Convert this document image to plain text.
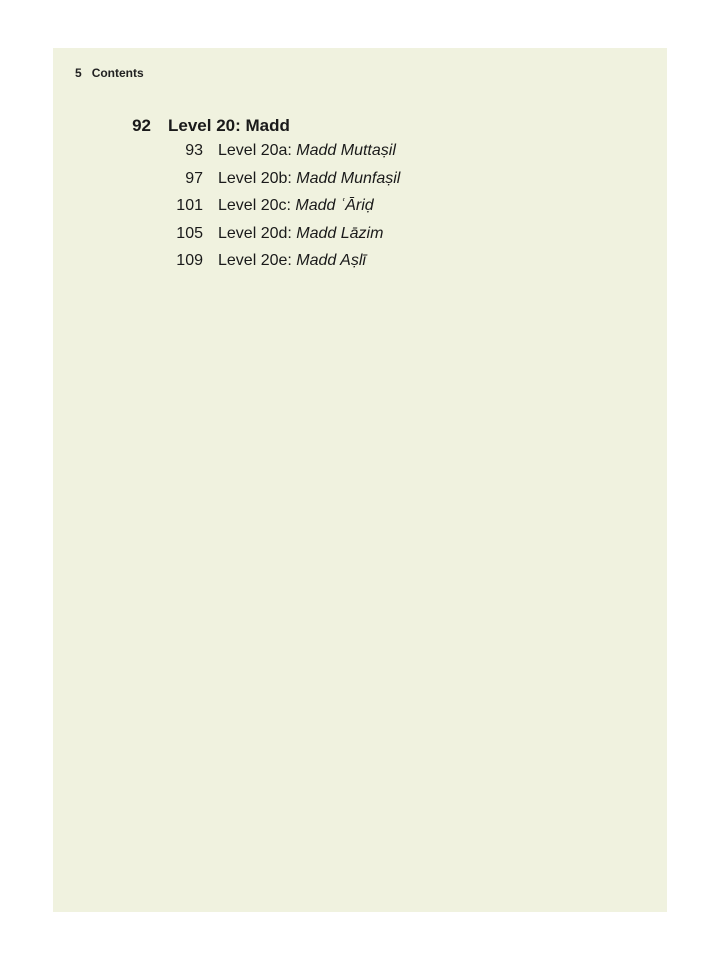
5 Contents
92 Level 20: Madd
93 Level 20a: Madd Muttaṣil
97 Level 20b: Madd Munfaṣil
101 Level 20c: Madd ʿĀriḍ
105 Level 20d: Madd Lāzim
109 Level 20e: Madd Aṣlī
